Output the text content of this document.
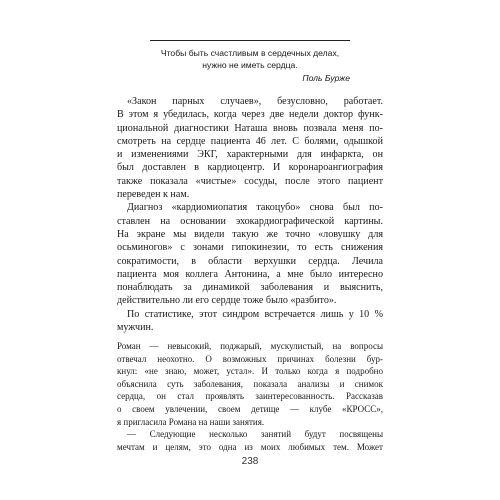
Чтобы быть счастливым в сердечных делах,
нужно не иметь сердца.
Поль Бурже
«Закон парных случаев», безусловно, работает.
В этом я убедилась, когда через две недели доктор функ-
циональной диагностики Наташа вновь позвала меня по-
смотреть на сердце пациента 46 лет. С болями, одышкой
и изменениями ЭКГ, характерными для инфаркта, он
был доставлен в кардиоцентр. И коронароангиография
также показала «чистые» сосуды, после этого пациент
переведен к нам.
Диагноз «кардиомиопатия такоцубо» снова был по-
ставлен на основании эхокардиографической картины.
На экране мы видели такую же точно «ловушку для
осьминогов» с зонами гипокинезии, то есть снижения
сократимости, в области верхушки сердца. Лечила
пациента моя коллега Антонина, а мне было интересно
понаблюдать за динамикой заболевания и выяснить,
действительно ли его сердце тоже было «разбито».
По статистике, этот синдром встречается лишь у 10 %
мужчин.
Роман — невысокий, поджарый, мускулистый, на вопросы
отвечал неохотно. О возможных причинах болезни бур-
кнул: «не знаю, может, устал». И только когда я подробно
объяснила суть заболевания, показала анализы и снимок
сердца, он стал проявлять заинтересованность. Рассказав
о своем увлечении, своем детище — клубе «КРОСС»,
я пригласила Романа на наши занятия.
— Следующие несколько занятий будут посвящены
мечтам и целям, это одна из моих любимых тем. Может
238
